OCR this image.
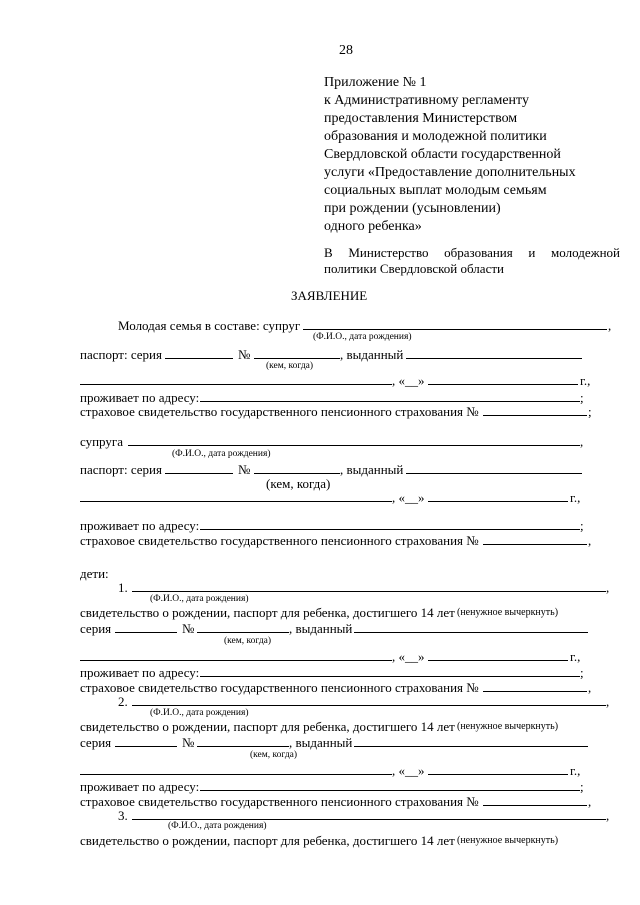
28
Приложение № 1
к Административному регламенту
предоставления Министерством
образования и молодежной политики
Свердловской области государственной
услуги «Предоставление дополнительных
социальных выплат молодым семьям
при рождении (усыновлении)
одного ребенка»
В Министерство образования и молодежной
политики Свердловской области
ЗАЯВЛЕНИЕ
Молодая семья в составе: супруг	,
(Ф.И.О., дата рождения)
паспорт: серия	№	, выданный
(кем, когда)
, «__»	г.,
проживает по адресу:	;
страховое свидетельство государственного пенсионного страхования №	;
супруга	,
(Ф.И.О., дата рождения)
паспорт: серия	№	, выданный
(кем, когда)
, «__»	г.,
проживает по адресу:	;
страховое свидетельство государственного пенсионного страхования №	,
дети:
1.	,
(Ф.И.О., дата рождения)
свидетельство о рождении, паспорт для ребенка, достигшего 14 лет (ненужное вычеркнуть)
серия	№	, выданный
(кем, когда)
, «__»	г.,
проживает по адресу:	;
страховое свидетельство государственного пенсионного страхования №	,
2.	,
(Ф.И.О., дата рождения)
свидетельство о рождении, паспорт для ребенка, достигшего 14 лет (ненужное вычеркнуть)
серия	№	, выданный
(кем, когда)
, «__»	г.,
проживает по адресу:	;
страховое свидетельство государственного пенсионного страхования №	,
3.	,
(Ф.И.О., дата рождения)
свидетельство о рождении, паспорт для ребенка, достигшего 14 лет (ненужное вычеркнуть)
